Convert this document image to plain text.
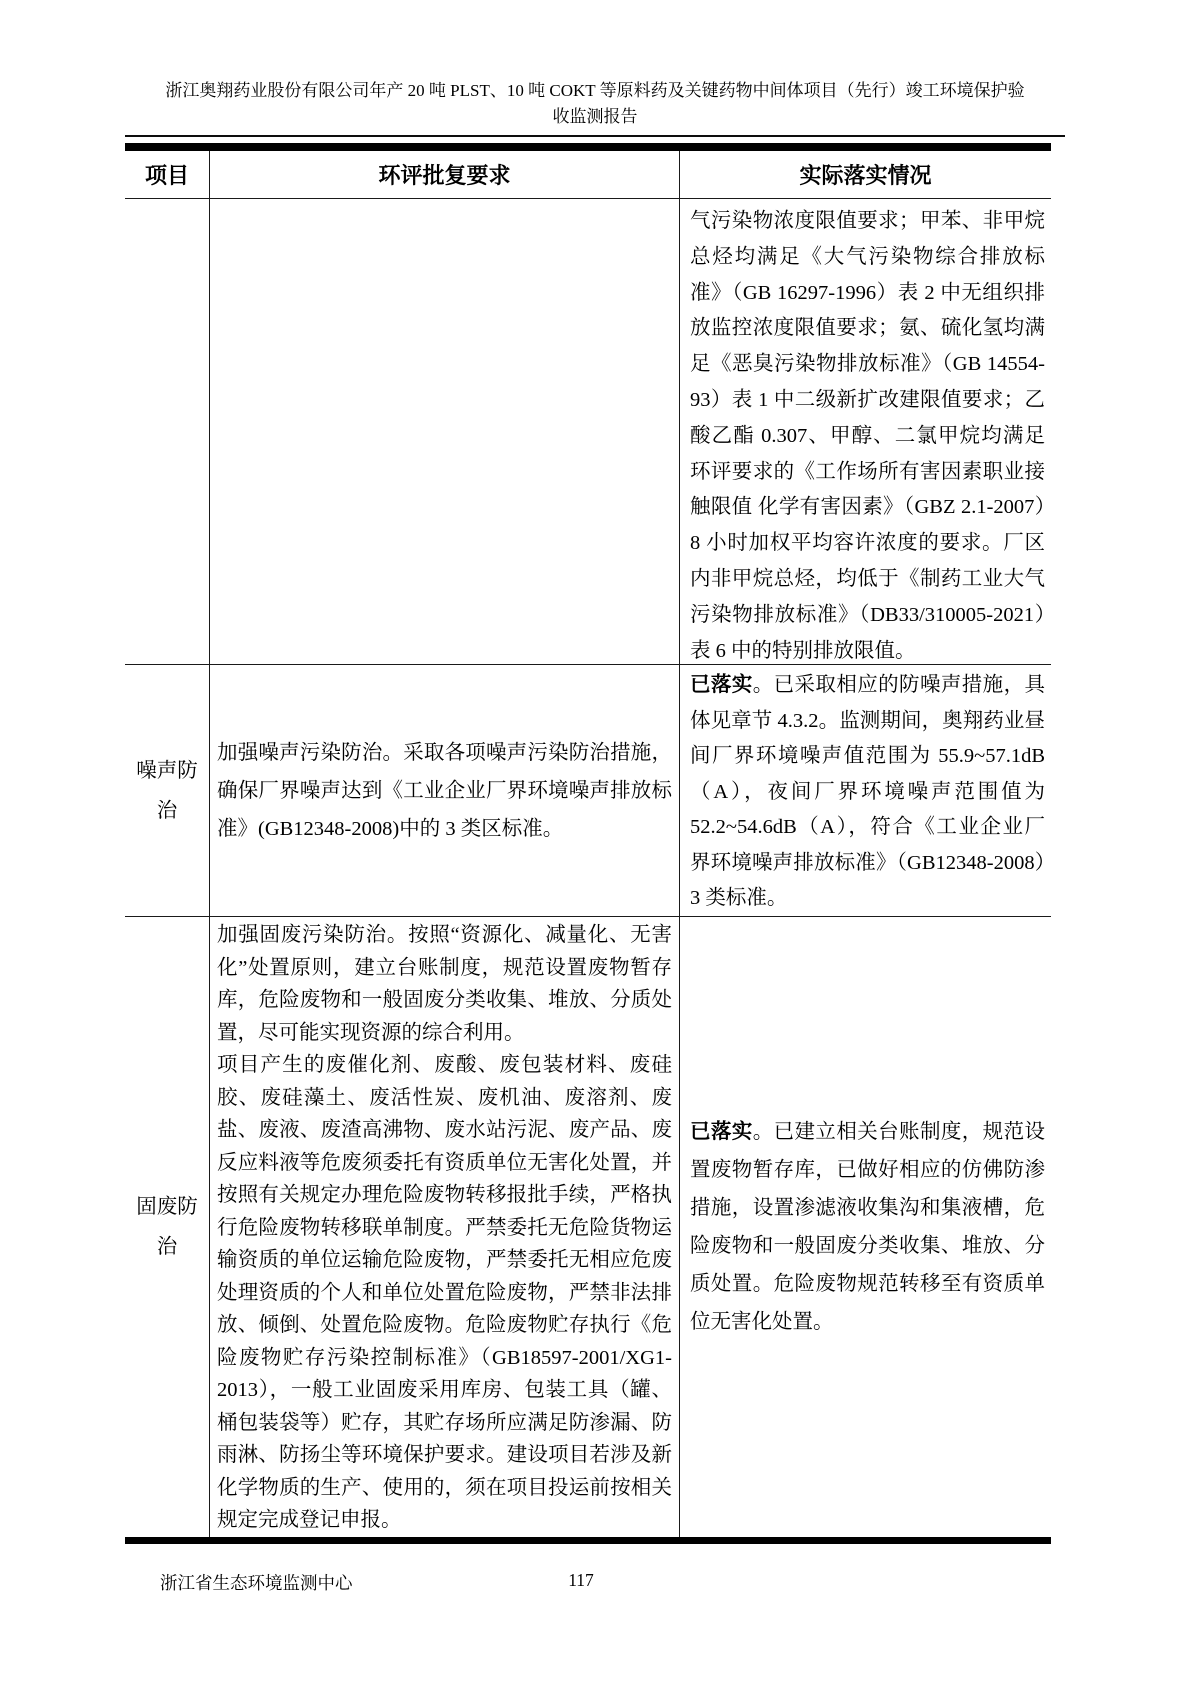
浙江奥翔药业股份有限公司年产 20 吨 PLST、10 吨 COKT 等原料药及关键药物中间体项目（先行）竣工环境保护验
收监测报告
项目	环评批复要求	实际落实情况
气污染物浓度限值要求；甲苯、非甲烷总烃均满足《大气污染物综合排放标准》（GB 16297-1996）表 2 中无组织排放监控浓度限值要求；氨、硫化氢均满足《恶臭污染物排放标准》（GB 14554-93）表 1 中二级新扩改建限值要求；乙酸乙酯 0.307、甲醇、二氯甲烷均满足环评要求的《工作场所有害因素职业接触限值 化学有害因素》（GBZ 2.1-2007）8 小时加权平均容许浓度的要求。厂区内非甲烷总烃，均低于《制药工业大气污染物排放标准》（DB33/310005-2021）表 6 中的特别排放限值。
噪声防治
加强噪声污染防治。采取各项噪声污染防治措施，确保厂界噪声达到《工业企业厂界环境噪声排放标准》(GB12348-2008)中的 3 类区标准。
已落实。已采取相应的防噪声措施，具体见章节 4.3.2。监测期间，奥翔药业昼间厂界环境噪声值范围为 55.9~57.1dB（A），夜间厂界环境噪声范围值为 52.2~54.6dB（A），符合《工业企业厂界环境噪声排放标准》（GB12348-2008）3 类标准。
固废防治
加强固废污染防治。按照“资源化、减量化、无害化”处置原则，建立台账制度，规范设置废物暂存库，危险废物和一般固废分类收集、堆放、分质处置，尽可能实现资源的综合利用。
项目产生的废催化剂、废酸、废包装材料、废硅胶、废硅藻土、废活性炭、废机油、废溶剂、废盐、废液、废渣高沸物、废水站污泥、废产品、废反应料液等危废须委托有资质单位无害化处置，并按照有关规定办理危险废物转移报批手续，严格执行危险废物转移联单制度。严禁委托无危险货物运输资质的单位运输危险废物，严禁委托无相应危废处理资质的个人和单位处置危险废物，严禁非法排放、倾倒、处置危险废物。危险废物贮存执行《危险废物贮存污染控制标准》（GB18597-2001/XG1-2013），一般工业固废采用库房、包装工具（罐、桶包装袋等）贮存，其贮存场所应满足防渗漏、防雨淋、防扬尘等环境保护要求。建设项目若涉及新化学物质的生产、使用的，须在项目投运前按相关规定完成登记申报。
已落实。已建立相关台账制度，规范设置废物暂存库，已做好相应的仿佛防渗措施，设置渗滤液收集沟和集液槽，危险废物和一般固废分类收集、堆放、分质处置。危险废物规范转移至有资质单位无害化处置。
117
浙江省生态环境监测中心
